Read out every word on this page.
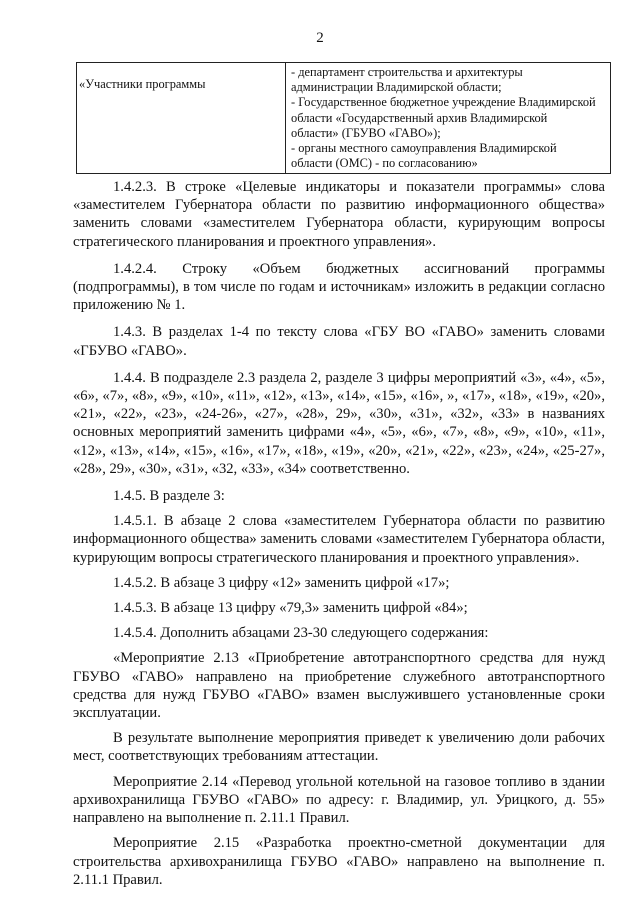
2
«Участники программы	
- департамент строительства и архитектуры
администрации Владимирской области;
- Государственное бюджетное учреждение Владимирской
области «Государственный архив Владимирской
области» (ГБУВО «ГАВО»);
- органы местного самоуправления Владимирской
области (ОМС) - по согласованию»

1.4.2.3. В строке «Целевые индикаторы и показатели программы» слова «заместителем Губернатора области по развитию информационного общества» заменить словами «заместителем Губернатора области, курирующим вопросы стратегического планирования и проектного управления».

1.4.2.4. Строку «Объем бюджетных ассигнований программы (подпрограммы), в том числе по годам и источникам» изложить в редакции согласно приложению № 1.

1.4.3. В разделах 1-4 по тексту слова «ГБУ ВО «ГАВО» заменить словами «ГБУВО «ГАВО».

1.4.4. В подразделе 2.3 раздела 2, разделе 3 цифры мероприятий «3», «4», «5», «6», «7», «8», «9», «10», «11», «12», «13», «14», «15», «16», », «17», «18», «19», «20», «21», «22», «23», «24-26», «27», «28», 29», «30», «31», «32», «33» в названиях основных мероприятий заменить цифрами «4», «5», «6», «7», «8», «9», «10», «11», «12», «13», «14», «15», «16», «17», «18», «19», «20», «21», «22», «23», «24», «25-27», «28», 29», «30», «31», «32, «33», «34» соответственно.

1.4.5. В разделе 3:

1.4.5.1. В абзаце 2 слова «заместителем Губернатора области по развитию информационного общества» заменить словами «заместителем Губернатора области, курирующим вопросы стратегического планирования и проектного управления».

1.4.5.2. В абзаце 3 цифру «12» заменить цифрой «17»;

1.4.5.3. В абзаце 13 цифру «79,3» заменить цифрой «84»;

1.4.5.4. Дополнить абзацами 23-30 следующего содержания:

«Мероприятие 2.13 «Приобретение автотранспортного средства для нужд ГБУВО «ГАВО» направлено на приобретение служебного автотранспортного средства для нужд ГБУВО «ГАВО» взамен выслужившего установленные сроки эксплуатации.

В результате выполнение мероприятия приведет к увеличению доли рабочих мест, соответствующих требованиям аттестации.

Мероприятие 2.14 «Перевод угольной котельной на газовое топливо в здании архивохранилища ГБУВО «ГАВО» по адресу: г. Владимир, ул. Урицкого, д. 55» направлено на выполнение п. 2.11.1 Правил.

Мероприятие 2.15 «Разработка проектно-сметной документации для строительства архивохранилища ГБУВО «ГАВО» направлено на выполнение п. 2.11.1 Правил.
